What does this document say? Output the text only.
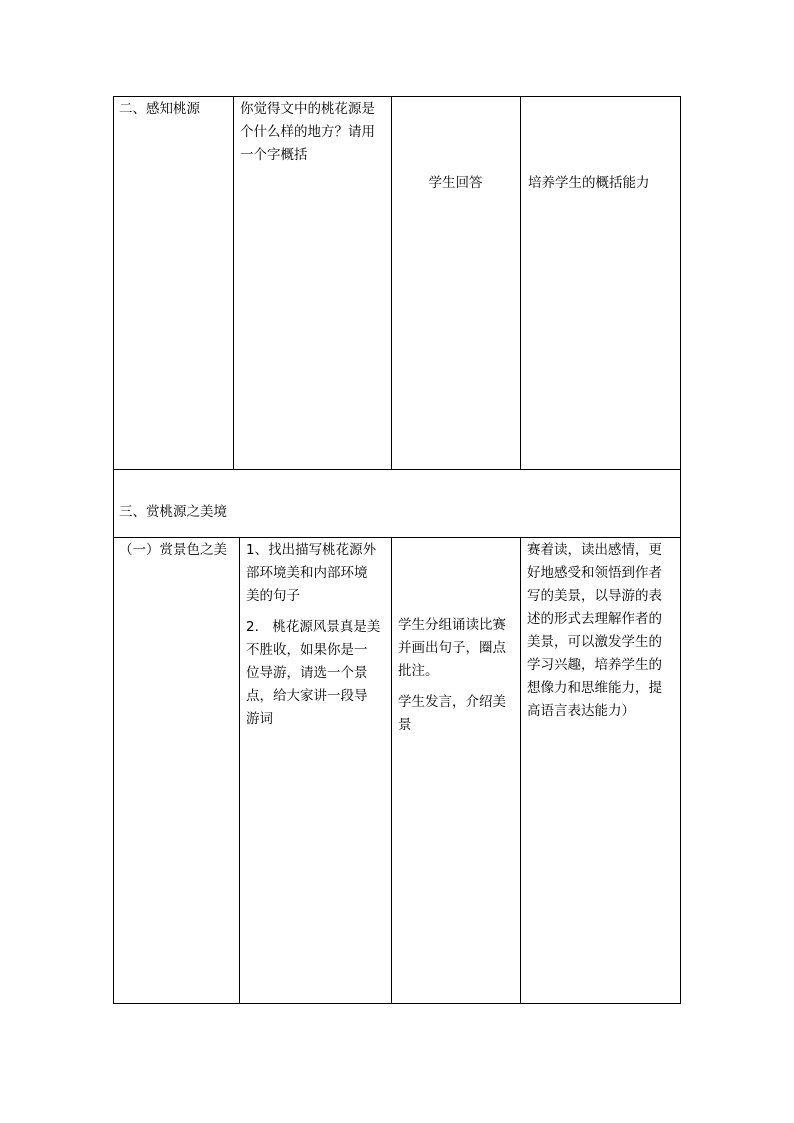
二、感知桃源	你觉得文中的桃花源是

个什么样的地方？请用

一个字概括

学生回答	培养学生的概括能力

三、赏桃源之美境

（一）赏景色之美 1、找出描写桃花源外

部环境美和内部环境

美的句子

2.　桃花源风景真是美

不胜收，如果你是一

位导游，请选一个景

点，给大家讲一段导

游词

学生分组诵读比赛

并画出句子，圈点

批注。

学生发言，介绍美

景

赛着读，读出感情，更

好地感受和领悟到作者

写的美景，以导游的表

述的形式去理解作者的

美景，可以激发学生的

学习兴趣，培养学生的

想像力和思维能力，提

高语言表达能力）
